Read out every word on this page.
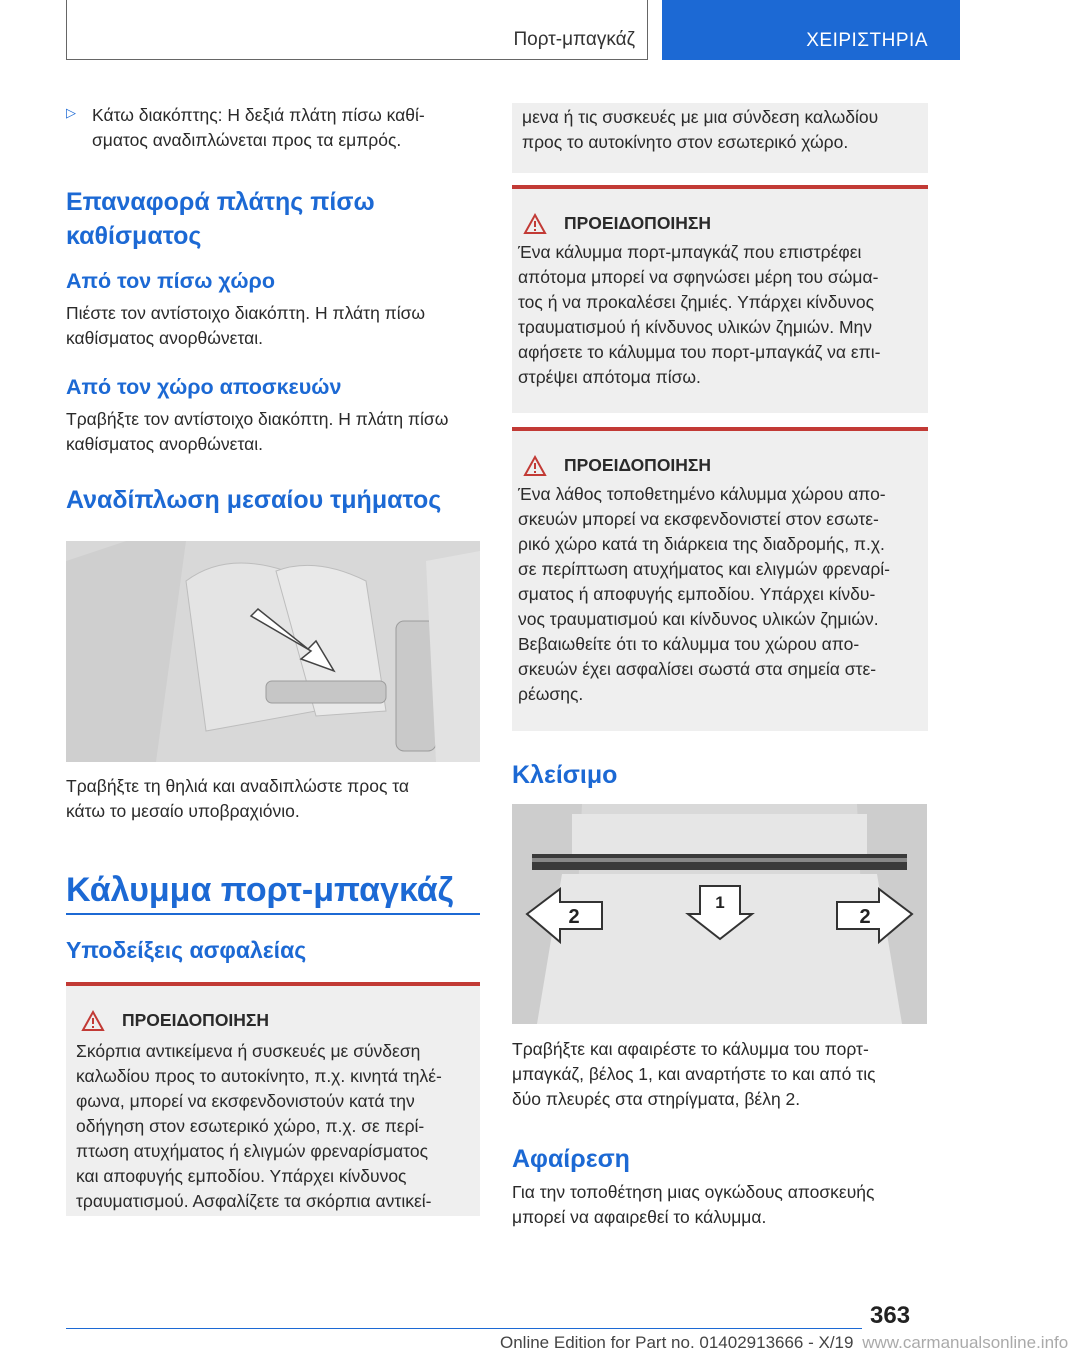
Πορτ-μπαγκάζ	ΧΕΙΡΙΣΤΗΡΙΑ
▷ Κάτω διακόπτης: Η δεξιά πλάτη πίσω καθί-

σματος αναδιπλώνεται προς τα εμπρός.

Επαναφορά πλάτης πίσω

καθίσματος

Από τον πίσω χώρο

Πιέστε τον αντίστοιχο διακόπτη. Η πλάτη πίσω

καθίσματος ανορθώνεται.

Από τον χώρο αποσκευών

Τραβήξτε τον αντίστοιχο διακόπτη. Η πλάτη πίσω

καθίσματος ανορθώνεται.

Αναδίπλωση μεσαίου τμήματος

Τραβήξτε τη θηλιά και αναδιπλώστε προς τα

κάτω το μεσαίο υποβραχιόνιο.

Κάλυμμα πορτ-μπαγκάζ

Υποδείξεις ασφαλείας

ΠΡΟΕΙΔΟΠΟΙΗΣΗ

Σκόρπια αντικείμενα ή συσκευές με σύνδεση

καλωδίου προς το αυτοκίνητο, π.χ. κινητά τηλέ-

φωνα, μπορεί να εκσφενδονιστούν κατά την

οδήγηση στον εσωτερικό χώρο, π.χ. σε περί-

πτωση ατυχήματος ή ελιγμών φρεναρίσματος

και αποφυγής εμποδίου. Υπάρχει κίνδυνος

τραυματισμού. Ασφαλίζετε τα σκόρπια αντικεί-

μενα ή τις συσκευές με μια σύνδεση καλωδίου

προς το αυτοκίνητο στον εσωτερικό χώρο.

ΠΡΟΕΙΔΟΠΟΙΗΣΗ

Ένα κάλυμμα πορτ-μπαγκάζ που επιστρέφει

απότομα μπορεί να σφηνώσει μέρη του σώμα-

τος ή να προκαλέσει ζημιές. Υπάρχει κίνδυνος

τραυματισμού ή κίνδυνος υλικών ζημιών. Μην

αφήσετε το κάλυμμα του πορτ-μπαγκάζ να επι-

στρέψει απότομα πίσω.

ΠΡΟΕΙΔΟΠΟΙΗΣΗ

Ένα λάθος τοποθετημένο κάλυμμα χώρου απο-

σκευών μπορεί να εκσφενδονιστεί στον εσωτε-

ρικό χώρο κατά τη διάρκεια της διαδρομής, π.χ.

σε περίπτωση ατυχήματος και ελιγμών φρεναρί-

σματος ή αποφυγής εμποδίου. Υπάρχει κίνδυ-

νος τραυματισμού και κίνδυνος υλικών ζημιών.

Βεβαιωθείτε ότι το κάλυμμα του χώρου απο-

σκευών έχει ασφαλίσει σωστά στα σημεία στε-

ρέωσης.

Κλείσιμο

1
2	2

Τραβήξτε και αφαιρέστε το κάλυμμα του πορτ-

μπαγκάζ, βέλος 1, και αναρτήστε το και από τις

δύο πλευρές στα στηρίγματα, βέλη 2.

Αφαίρεση

Για την τοποθέτηση μιας ογκώδους αποσκευής

μπορεί να αφαιρεθεί το κάλυμμα.

363
Online Edition for Part no. 01402913666 - X/19 www.carmanualsonline.info
